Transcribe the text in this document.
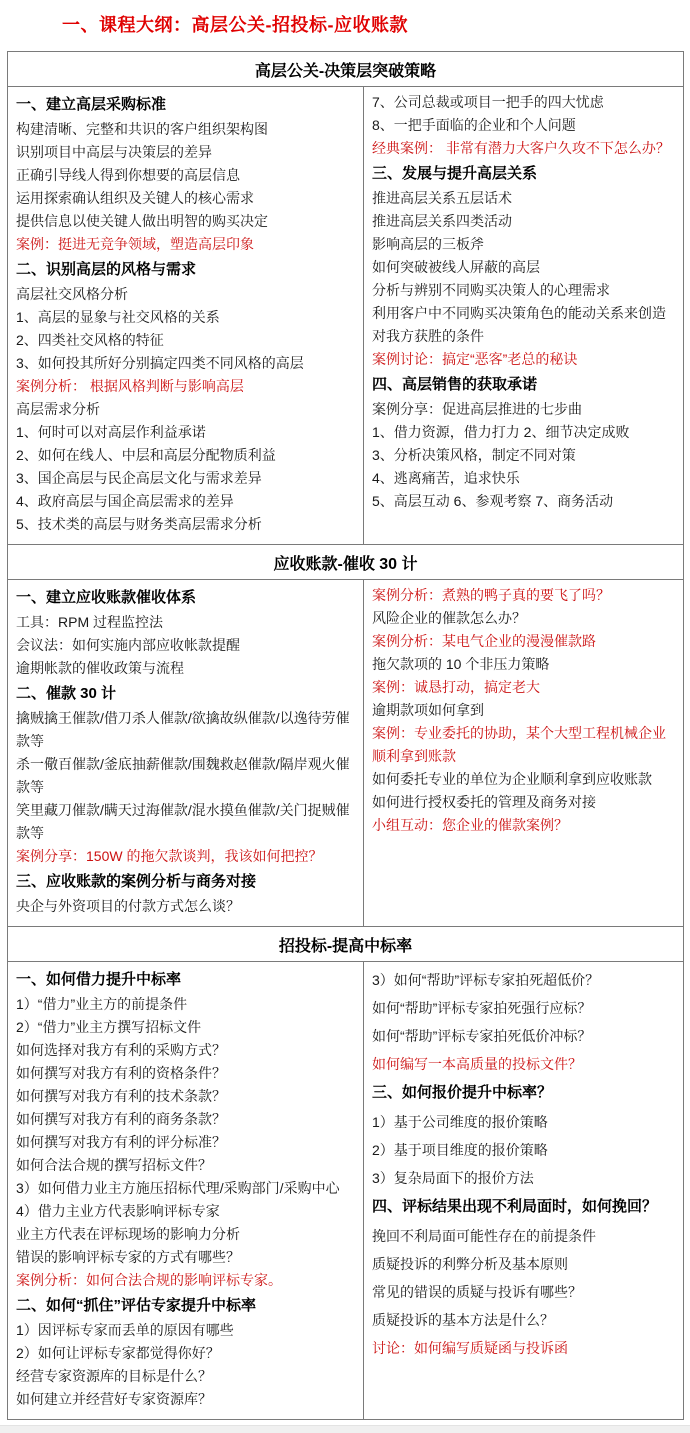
一、课程大纲：高层公关-招投标-应收账款
高层公关-决策层突破策略
一、建立高层采购标准
构建清晰、完整和共识的客户组织架构图
识别项目中高层与决策层的差异
正确引导线人得到你想要的高层信息
运用探索确认组织及关键人的核心需求
提供信息以使关键人做出明智的购买决定
案例：挺进无竞争领域，塑造高层印象
二、识别高层的风格与需求
高层社交风格分析
1、高层的显象与社交风格的关系
2、四类社交风格的特征
3、如何投其所好分别搞定四类不同风格的高层
案例分析： 根据风格判断与影响高层
高层需求分析
1、何时可以对高层作利益承诺
2、如何在线人、中层和高层分配物质利益
3、国企高层与民企高层文化与需求差异
4、政府高层与国企高层需求的差异
5、技术类的高层与财务类高层需求分析
7、公司总裁或项目一把手的四大忧虑
8、一把手面临的企业和个人问题
经典案例： 非常有潜力大客户久攻不下怎么办？
三、发展与提升高层关系
推进高层关系五层话术
推进高层关系四类活动
影响高层的三板斧
如何突破被线人屏蔽的高层
分析与辨别不同购买决策人的心理需求
利用客户中不同购买决策角色的能动关系来创造对我方获胜的条件
案例讨论：搞定“恶客”老总的秘诀
四、高层销售的获取承诺
案例分享：促进高层推进的七步曲
1、借力资源，借力打力 2、细节决定成败
3、分析决策风格，制定不同对策
4、逃离痛苦，追求快乐
5、高层互动 6、参观考察 7、商务活动
应收账款-催收 30 计
一、建立应收账款催收体系
工具：RPM 过程监控法
会议法：如何实施内部应收帐款提醒
逾期帐款的催收政策与流程
二、催款 30 计
擒贼擒王催款/借刀杀人催款/欲擒故纵催款/以逸待劳催款等
杀一儆百催款/釜底抽薪催款/围魏救赵催款/隔岸观火催款等
笑里藏刀催款/瞒天过海催款/混水摸鱼催款/关门捉贼催款等
案例分享：150W 的拖欠款谈判，我该如何把控？
三、应收账款的案例分析与商务对接
央企与外资项目的付款方式怎么谈？
案例分析：煮熟的鸭子真的要飞了吗？
风险企业的催款怎么办？
案例分析：某电气企业的漫漫催款路
拖欠款项的 10 个非压力策略
案例：诚恳打动，搞定老大
逾期款项如何拿到
案例：专业委托的协助，某个大型工程机械企业顺利拿到账款
如何委托专业的单位为企业顺利拿到应收账款
如何进行授权委托的管理及商务对接
小组互动：您企业的催款案例？
招投标-提高中标率
一、如何借力提升中标率
1）“借力”业主方的前提条件
2）“借力”业主方撰写招标文件
如何选择对我方有利的采购方式？
如何撰写对我方有利的资格条件？
如何撰写对我方有利的技术条款？
如何撰写对我方有利的商务条款？
如何撰写对我方有利的评分标准？
如何合法合规的撰写招标文件？
3）如何借力业主方施压招标代理/采购部门/采购中心
4）借力主业方代表影响评标专家
业主方代表在评标现场的影响力分析
错误的影响评标专家的方式有哪些？
案例分析：如何合法合规的影响评标专家。
二、如何“抓住”评估专家提升中标率
1）因评标专家而丢单的原因有哪些
2）如何让评标专家都觉得你好？
经营专家资源库的目标是什么？
如何建立并经营好专家资源库？
3）如何“帮助”评标专家拍死超低价？
如何“帮助”评标专家拍死强行应标？
如何“帮助”评标专家拍死低价冲标？
如何编写一本高质量的投标文件？
三、如何报价提升中标率？
1）基于公司维度的报价策略
2）基于项目维度的报价策略
3）复杂局面下的报价方法
四、评标结果出现不利局面时，如何挽回？
挽回不利局面可能性存在的前提条件
质疑投诉的利弊分析及基本原则
常见的错误的质疑与投诉有哪些？
质疑投诉的基本方法是什么？
讨论：如何编写质疑函与投诉函
